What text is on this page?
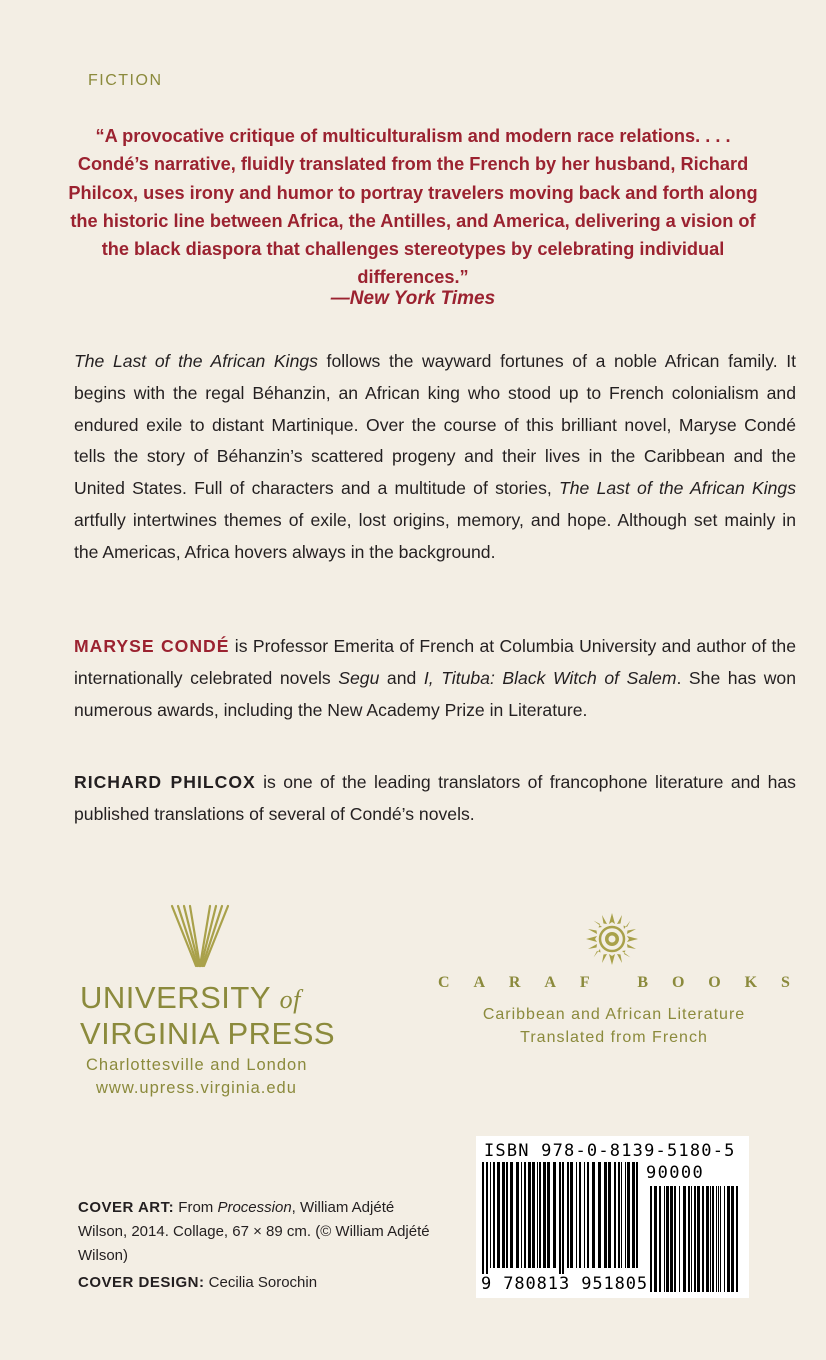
FICTION
“A provocative critique of multiculturalism and modern race relations. . . . Condé’s narrative, fluidly translated from the French by her husband, Richard Philcox, uses irony and humor to portray travelers moving back and forth along the historic line between Africa, the Antilles, and America, delivering a vision of the black diaspora that challenges stereotypes by celebrating individual differences.”
—New York Times

The Last of the African Kings follows the wayward fortunes of a noble African family. It begins with the regal Béhanzin, an African king who stood up to French colonialism and endured exile to distant Martinique. Over the course of this brilliant novel, Maryse Condé tells the story of Béhanzin’s scattered progeny and their lives in the Caribbean and the United States. Full of characters and a multitude of stories, The Last of the African Kings artfully intertwines themes of exile, lost origins, memory, and hope. Although set mainly in the Americas, Africa hovers always in the background.

MARYSE CONDÉ is Professor Emerita of French at Columbia University and author of the internationally celebrated novels Segu and I, Tituba: Black Witch of Salem. She has won numerous awards, including the New Academy Prize in Literature.

RICHARD PHILCOX is one of the leading translators of francophone literature and has published translations of several of Condé’s novels.

UNIVERSITY of
VIRGINIA PRESS
Charlottesville and London
www.upress.virginia.edu
C A R A F	B O O K S
Caribbean and African Literature
Translated from French
COVER ART: From Procession, William Adjété Wilson, 2014. Collage, 67 × 89 cm. (© William Adjété Wilson)
COVER DESIGN: Cecilia Sorochin
ISBN 978-0-8139-5180-5
90000
9 780813 951805
